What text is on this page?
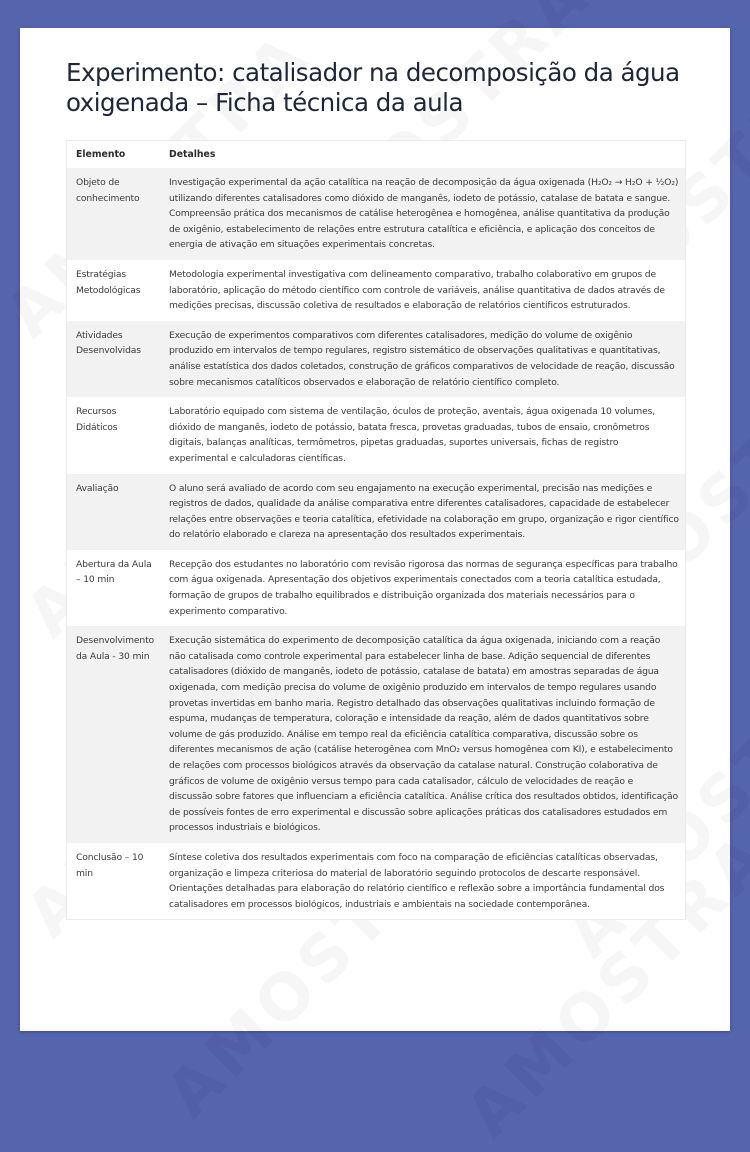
Experimento: catalisador na decomposição da água oxigenada – Ficha técnica da aula
Elemento	Detalhes
Objeto de conhecimento	Investigação experimental da ação catalítica na reação de decomposição da água oxigenada (H₂O₂ → H₂O + ½O₂) utilizando diferentes catalisadores como dióxido de manganês, iodeto de potássio, catalase de batata e sangue. Compreensão prática dos mecanismos de catálise heterogênea e homogênea, análise quantitativa da produção de oxigênio, estabelecimento de relações entre estrutura catalítica e eficiência, e aplicação dos conceitos de energia de ativação em situações experimentais concretas.
Estratégias Metodológicas	Metodologia experimental investigativa com delineamento comparativo, trabalho colaborativo em grupos de laboratório, aplicação do método científico com controle de variáveis, análise quantitativa de dados através de medições precisas, discussão coletiva de resultados e elaboração de relatórios científicos estruturados.
Atividades Desenvolvidas	Execução de experimentos comparativos com diferentes catalisadores, medição do volume de oxigênio produzido em intervalos de tempo regulares, registro sistemático de observações qualitativas e quantitativas, análise estatística dos dados coletados, construção de gráficos comparativos de velocidade de reação, discussão sobre mecanismos catalíticos observados e elaboração de relatório científico completo.
Recursos Didáticos	Laboratório equipado com sistema de ventilação, óculos de proteção, aventais, água oxigenada 10 volumes, dióxido de manganês, iodeto de potássio, batata fresca, provetas graduadas, tubos de ensaio, cronômetros digitais, balanças analíticas, termômetros, pipetas graduadas, suportes universais, fichas de registro experimental e calculadoras científicas.
Avaliação	O aluno será avaliado de acordo com seu engajamento na execução experimental, precisão nas medições e registros de dados, qualidade da análise comparativa entre diferentes catalisadores, capacidade de estabelecer relações entre observações e teoria catalítica, efetividade na colaboração em grupo, organização e rigor científico do relatório elaborado e clareza na apresentação dos resultados experimentais.
Abertura da Aula – 10 min	Recepção dos estudantes no laboratório com revisão rigorosa das normas de segurança específicas para trabalho com água oxigenada. Apresentação dos objetivos experimentais conectados com a teoria catalítica estudada, formação de grupos de trabalho equilibrados e distribuição organizada dos materiais necessários para o experimento comparativo.
Desenvolvimento da Aula - 30 min	Execução sistemática do experimento de decomposição catalítica da água oxigenada, iniciando com a reação não catalisada como controle experimental para estabelecer linha de base. Adição sequencial de diferentes catalisadores (dióxido de manganês, iodeto de potássio, catalase de batata) em amostras separadas de água oxigenada, com medição precisa do volume de oxigênio produzido em intervalos de tempo regulares usando provetas invertidas em banho maria. Registro detalhado das observações qualitativas incluindo formação de espuma, mudanças de temperatura, coloração e intensidade da reação, além de dados quantitativos sobre volume de gás produzido. Análise em tempo real da eficiência catalítica comparativa, discussão sobre os diferentes mecanismos de ação (catálise heterogênea com MnO₂ versus homogênea com KI), e estabelecimento de relações com processos biológicos através da observação da catalase natural. Construção colaborativa de gráficos de volume de oxigênio versus tempo para cada catalisador, cálculo de velocidades de reação e discussão sobre fatores que influenciam a eficiência catalítica. Análise crítica dos resultados obtidos, identificação de possíveis fontes de erro experimental e discussão sobre aplicações práticas dos catalisadores estudados em processos industriais e biológicos.
Conclusão – 10 min	Síntese coletiva dos resultados experimentais com foco na comparação de eficiências catalíticas observadas, organização e limpeza criteriosa do material de laboratório seguindo protocolos de descarte responsável. Orientações detalhadas para elaboração do relatório científico e reflexão sobre a importância fundamental dos catalisadores em processos biológicos, industriais e ambientais na sociedade contemporânea.
